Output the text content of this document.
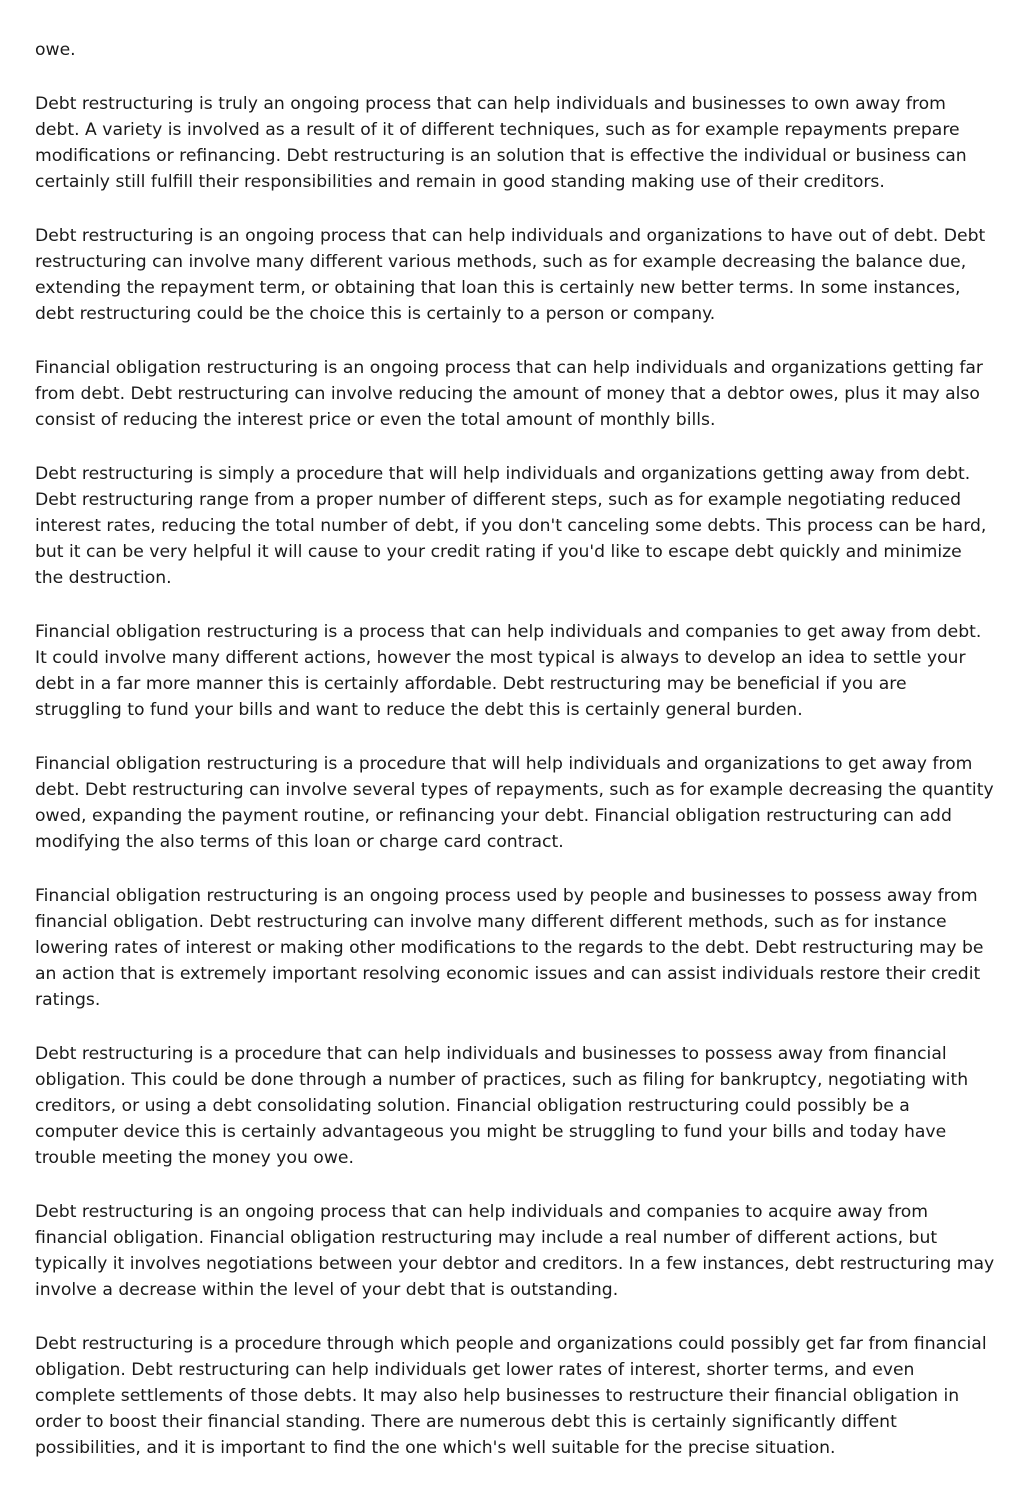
owe.

Debt restructuring is truly an ongoing process that can help individuals and businesses to own away from debt. A variety is involved as a result of it of different techniques, such as for example repayments prepare modifications or refinancing. Debt restructuring is an solution that is effective the individual or business can certainly still fulfill their responsibilities and remain in good standing making use of their creditors.

Debt restructuring is an ongoing process that can help individuals and organizations to have out of debt. Debt restructuring can involve many different various methods, such as for example decreasing the balance due, extending the repayment term, or obtaining that loan this is certainly new better terms. In some instances, debt restructuring could be the choice this is certainly to a person or company.

Financial obligation restructuring is an ongoing process that can help individuals and organizations getting far from debt. Debt restructuring can involve reducing the amount of money that a debtor owes, plus it may also consist of reducing the interest price or even the total amount of monthly bills.

Debt restructuring is simply a procedure that will help individuals and organizations getting away from debt. Debt restructuring range from a proper number of different steps, such as for example negotiating reduced interest rates, reducing the total number of debt, if you don't canceling some debts. This process can be hard, but it can be very helpful it will cause to your credit rating if you'd like to escape debt quickly and minimize the destruction.

Financial obligation restructuring is a process that can help individuals and companies to get away from debt. It could involve many different actions, however the most typical is always to develop an idea to settle your debt in a far more manner this is certainly affordable. Debt restructuring may be beneficial if you are struggling to fund your bills and want to reduce the debt this is certainly general burden.

Financial obligation restructuring is a procedure that will help individuals and organizations to get away from debt. Debt restructuring can involve several types of repayments, such as for example decreasing the quantity owed, expanding the payment routine, or refinancing your debt. Financial obligation restructuring can add modifying the also terms of this loan or charge card contract.

Financial obligation restructuring is an ongoing process used by people and businesses to possess away from financial obligation. Debt restructuring can involve many different different methods, such as for instance lowering rates of interest or making other modifications to the regards to the debt. Debt restructuring may be an action that is extremely important resolving economic issues and can assist individuals restore their credit ratings.

Debt restructuring is a procedure that can help individuals and businesses to possess away from financial obligation. This could be done through a number of practices, such as filing for bankruptcy, negotiating with creditors, or using a debt consolidating solution. Financial obligation restructuring could possibly be a computer device this is certainly advantageous you might be struggling to fund your bills and today have trouble meeting the money you owe.

Debt restructuring is an ongoing process that can help individuals and companies to acquire away from financial obligation. Financial obligation restructuring may include a real number of different actions, but typically it involves negotiations between your debtor and creditors. In a few instances, debt restructuring may involve a decrease within the level of your debt that is outstanding.

Debt restructuring is a procedure through which people and organizations could possibly get far from financial obligation. Debt restructuring can help individuals get lower rates of interest, shorter terms, and even complete settlements of those debts. It may also help businesses to restructure their financial obligation in order to boost their financial standing. There are numerous debt this is certainly significantly diffent possibilities, and it is important to find the one which's well suitable for the precise situation.
